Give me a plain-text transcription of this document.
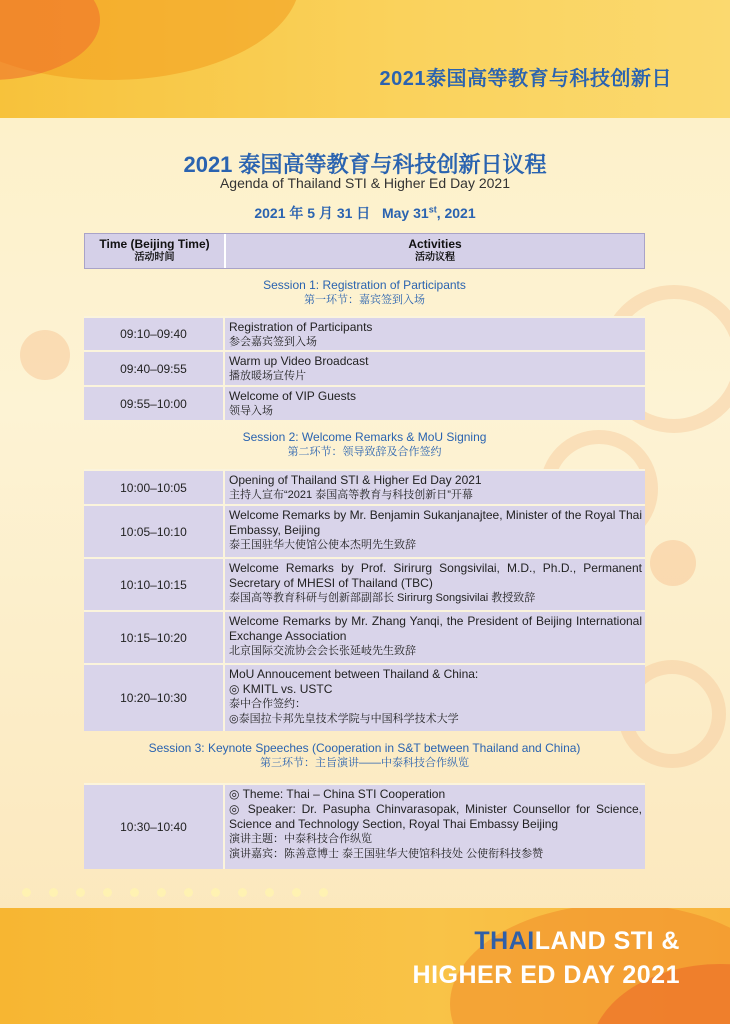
2021泰国高等教育与科技创新日
2021 泰国高等教育与科技创新日议程
Agenda of Thailand STI & Higher Ed Day 2021
2021 年 5 月 31 日 May 31st, 2021
Time (Beijing Time)
活动时间
Activities
活动议程
Session 1: Registration of Participants
第一环节：嘉宾签到入场
09:10–09:40	Registration of Participants
参会嘉宾签到入场
09:40–09:55
Warm up Video Broadcast
播放暖场宣传片
09:55–10:00
Welcome of VIP Guests
领导入场
Session 2: Welcome Remarks & MoU Signing
第二环节：领导致辞及合作签约
10:00–10:05
Opening of Thailand STI & Higher Ed Day 2021
主持人宣布“2021 泰国高等教育与科技创新日”开幕
10:05–10:10
Welcome Remarks by Mr. Benjamin Sukanjanajtee, Minister of the Royal Thai Embassy, Beijing
泰王国驻华大使馆公使本杰明先生致辞
10:10–10:15
Welcome Remarks by Prof. Sirirurg Songsivilai, M.D., Ph.D., Permanent Secretary of MHESI of Thailand (TBC)
泰国高等教育科研与创新部副部长 Sirirurg Songsivilai 教授致辞
10:15–10:20
Welcome Remarks by Mr. Zhang Yanqi, the President of Beijing International Exchange Association
北京国际交流协会会长张延岐先生致辞
10:20–10:30
MoU Annoucement between Thailand & China:
◎ KMITL vs. USTC
泰中合作签约：
◎泰国拉卡邦先皇技术学院与中国科学技术大学
Session 3: Keynote Speeches (Cooperation in S&T between Thailand and China)
第三环节：主旨演讲——中泰科技合作纵览
10:30–10:40
◎ Theme: Thai – China STI Cooperation
◎ Speaker: Dr. Pasupha Chinvarasopak, Minister Counsellor for Science, Science and Technology Section, Royal Thai Embassy Beijing
演讲主题：中泰科技合作纵览
演讲嘉宾：陈善意博士 泰王国驻华大使馆科技处 公使衔科技参赞
THAILAND STI &
HIGHER ED DAY 2021
